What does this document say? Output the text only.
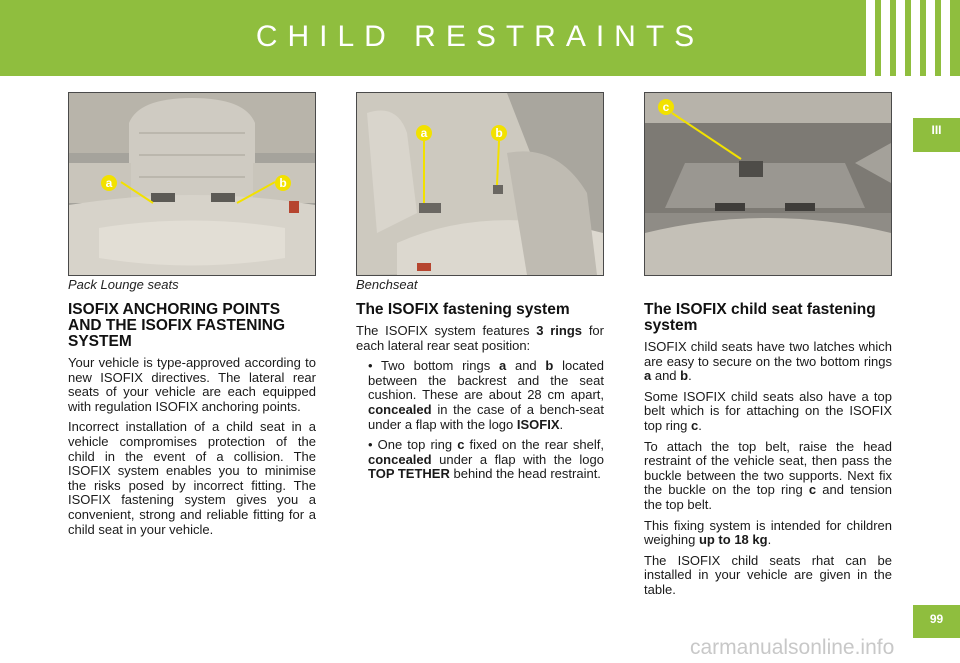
CHILD RESTRAINTS
III
a	b
Pack Lounge seats
a	b
Benchseat
c
ISOFIX ANCHORING POINTS AND THE ISOFIX FASTENING SYSTEM

Your vehicle is type-approved according to new ISOFIX directives. The lateral rear seats of your vehicle are each equipped with regulation ISOFIX anchoring points.

Incorrect installation of a child seat in a vehicle compromises protection of the child in the event of a collision. The ISOFIX system enables you to minimise the risks posed by incorrect fitting. The ISOFIX fastening system gives you a convenient, strong and reliable fitting for a child seat in your vehicle.

The ISOFIX fastening system

The ISOFIX system features 3 rings for each lateral rear seat position:

• Two bottom rings a and b located between the backrest and the seat cushion. These are about 28 cm apart, concealed in the case of a bench-seat under a flap with the logo ISOFIX.
• One top ring c fixed on the rear shelf, concealed under a flap with the logo TOP TETHER behind the head restraint.
The ISOFIX child seat fastening system

ISOFIX child seats have two latches which are easy to secure on the two bottom rings a and b.

Some ISOFIX child seats also have a top belt which is for attaching on the ISOFIX top ring c.

To attach the top belt, raise the head restraint of the vehicle seat, then pass the buckle between the two supports. Next fix the buckle on the top ring c and tension the top belt.

This fixing system is intended for children weighing up to 18 kg.

The ISOFIX child seats rhat can be installed in your vehicle are given in the table.

99
carmanualsonline.info
